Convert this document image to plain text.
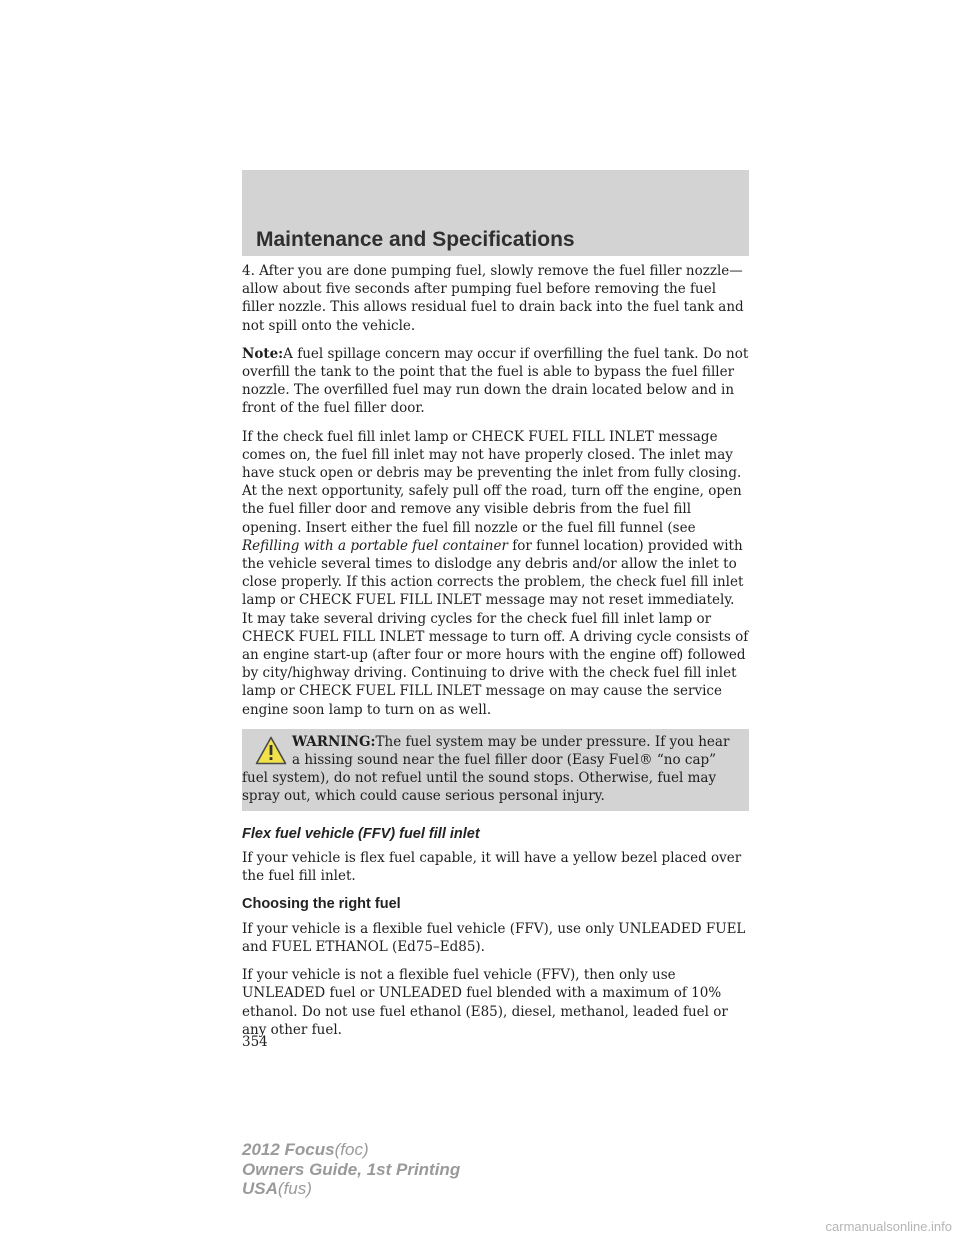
Maintenance and Specifications

4. After you are done pumping fuel, slowly remove the fuel filler nozzle—allow about five seconds after pumping fuel before removing the fuel filler nozzle. This allows residual fuel to drain back into the fuel tank and not spill onto the vehicle.

Note:A fuel spillage concern may occur if overfilling the fuel tank. Do not overfill the tank to the point that the fuel is able to bypass the fuel filler nozzle. The overfilled fuel may run down the drain located below and in front of the fuel filler door.

If the check fuel fill inlet lamp or CHECK FUEL FILL INLET message comes on, the fuel fill inlet may not have properly closed. The inlet may have stuck open or debris may be preventing the inlet from fully closing. At the next opportunity, safely pull off the road, turn off the engine, open the fuel filler door and remove any visible debris from the fuel fill opening. Insert either the fuel fill nozzle or the fuel fill funnel (see Refilling with a portable fuel container for funnel location) provided with the vehicle several times to dislodge any debris and/or allow the inlet to close properly. If this action corrects the problem, the check fuel fill inlet lamp or CHECK FUEL FILL INLET message may not reset immediately. It may take several driving cycles for the check fuel fill inlet lamp or CHECK FUEL FILL INLET message to turn off. A driving cycle consists of an engine start-up (after four or more hours with the engine off) followed by city/highway driving. Continuing to drive with the check fuel fill inlet lamp or CHECK FUEL FILL INLET message on may cause the service engine soon lamp to turn on as well.

WARNING:The fuel system may be under pressure. If you hear a hissing sound near the fuel filler door (Easy Fuel® “no cap”
fuel system), do not refuel until the sound stops. Otherwise, fuel may spray out, which could cause serious personal injury.
Flex fuel vehicle (FFV) fuel fill inlet

If your vehicle is flex fuel capable, it will have a yellow bezel placed over the fuel fill inlet.

Choosing the right fuel

If your vehicle is a flexible fuel vehicle (FFV), use only UNLEADED FUEL and FUEL ETHANOL (Ed75–Ed85).

If your vehicle is not a flexible fuel vehicle (FFV), then only use UNLEADED fuel or UNLEADED fuel blended with a maximum of 10% ethanol. Do not use fuel ethanol (E85), diesel, methanol, leaded fuel or any other fuel.

354
2012 Focus(foc)
Owners Guide, 1st Printing
USA(fus)
carmanualsonline.info
